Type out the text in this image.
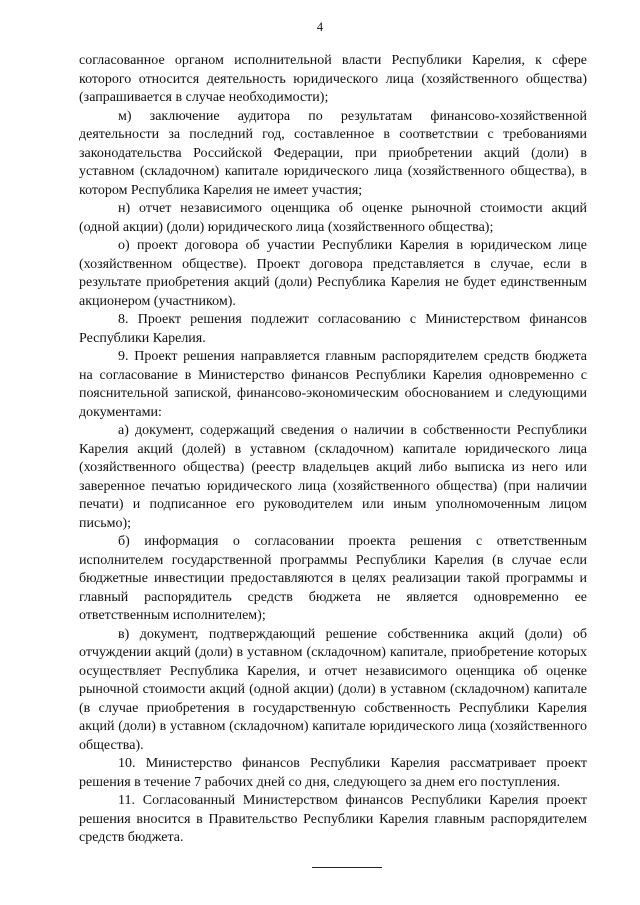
4

согласованное органом исполнительной власти Республики Карелия, к сфере которого относится деятельность юридического лица (хозяйственного общества) (запрашивается в случае необходимости);

м) заключение аудитора по результатам финансово-хозяйственной деятельности за последний год, составленное в соответствии с требованиями законодательства Российской Федерации, при приобретении акций (доли) в уставном (складочном) капитале юридического лица (хозяйственного общества), в котором Республика Карелия не имеет участия;

н) отчет независимого оценщика об оценке рыночной стоимости акций (одной акции) (доли) юридического лица (хозяйственного общества);

о) проект договора об участии Республики Карелия в юридическом лице (хозяйственном обществе). Проект договора представляется в случае, если в результате приобретения акций (доли) Республика Карелия не будет единственным акционером (участником).

8. Проект решения подлежит согласованию с Министерством финансов Республики Карелия.

9. Проект решения направляется главным распорядителем средств бюджета на согласование в Министерство финансов Республики Карелия одновременно с пояснительной запиской, финансово-экономическим обоснованием и следующими документами:

а) документ, содержащий сведения о наличии в собственности Республики Карелия акций (долей) в уставном (складочном) капитале юридического лица (хозяйственного общества) (реестр владельцев акций либо выписка из него или заверенное печатью юридического лица (хозяйственного общества) (при наличии печати) и подписанное его руководителем или иным уполномоченным лицом письмо);

б) информация о согласовании проекта решения с ответственным исполнителем государственной программы Республики Карелия (в случае если бюджетные инвестиции предоставляются в целях реализации такой программы и главный распорядитель средств бюджета не является одновременно ее ответственным исполнителем);

в) документ, подтверждающий решение собственника акций (доли) об отчуждении акций (доли) в уставном (складочном) капитале, приобретение которых осуществляет Республика Карелия, и отчет независимого оценщика об оценке рыночной стоимости акций (одной акции) (доли) в уставном (складочном) капитале (в случае приобретения в государственную собственность Республики Карелия акций (доли) в уставном (складочном) капитале юридического лица (хозяйственного общества).

10. Министерство финансов Республики Карелия рассматривает проект решения в течение 7 рабочих дней со дня, следующего за днем его поступления.

11. Согласованный Министерством финансов Республики Карелия проект решения вносится в Правительство Республики Карелия главным распорядителем средств бюджета.
